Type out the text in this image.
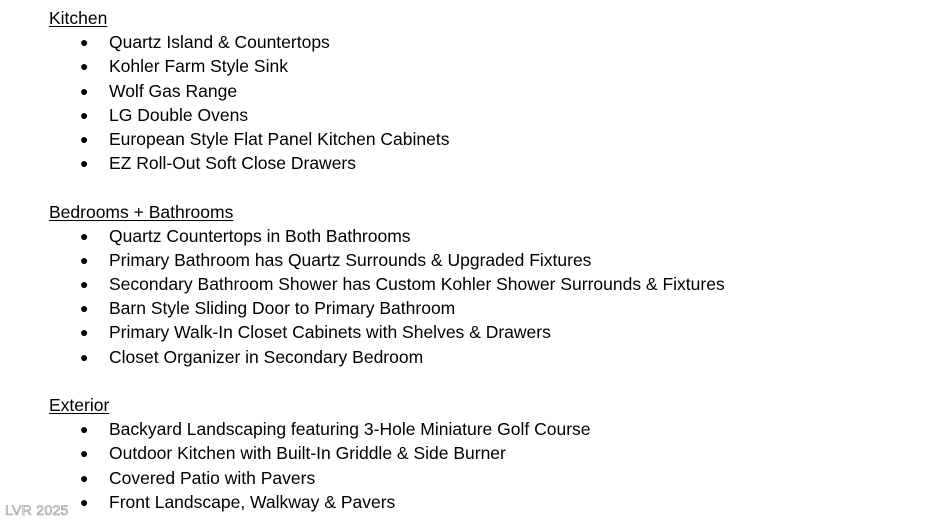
Kitchen
● Quartz Island & Countertops
● Kohler Farm Style Sink
● Wolf Gas Range
● LG Double Ovens
● European Style Flat Panel Kitchen Cabinets
● EZ Roll-Out Soft Close Drawers
Bedrooms + Bathrooms
● Quartz Countertops in Both Bathrooms
● Primary Bathroom has Quartz Surrounds & Upgraded Fixtures
● Secondary Bathroom Shower has Custom Kohler Shower Surrounds & Fixtures
● Barn Style Sliding Door to Primary Bathroom
● Primary Walk-In Closet Cabinets with Shelves & Drawers
● Closet Organizer in Secondary Bedroom
Exterior
● Backyard Landscaping featuring 3-Hole Miniature Golf Course
● Outdoor Kitchen with Built-In Griddle & Side Burner
● Covered Patio with Pavers
● Front Landscape, Walkway & Pavers
LVR 2025
